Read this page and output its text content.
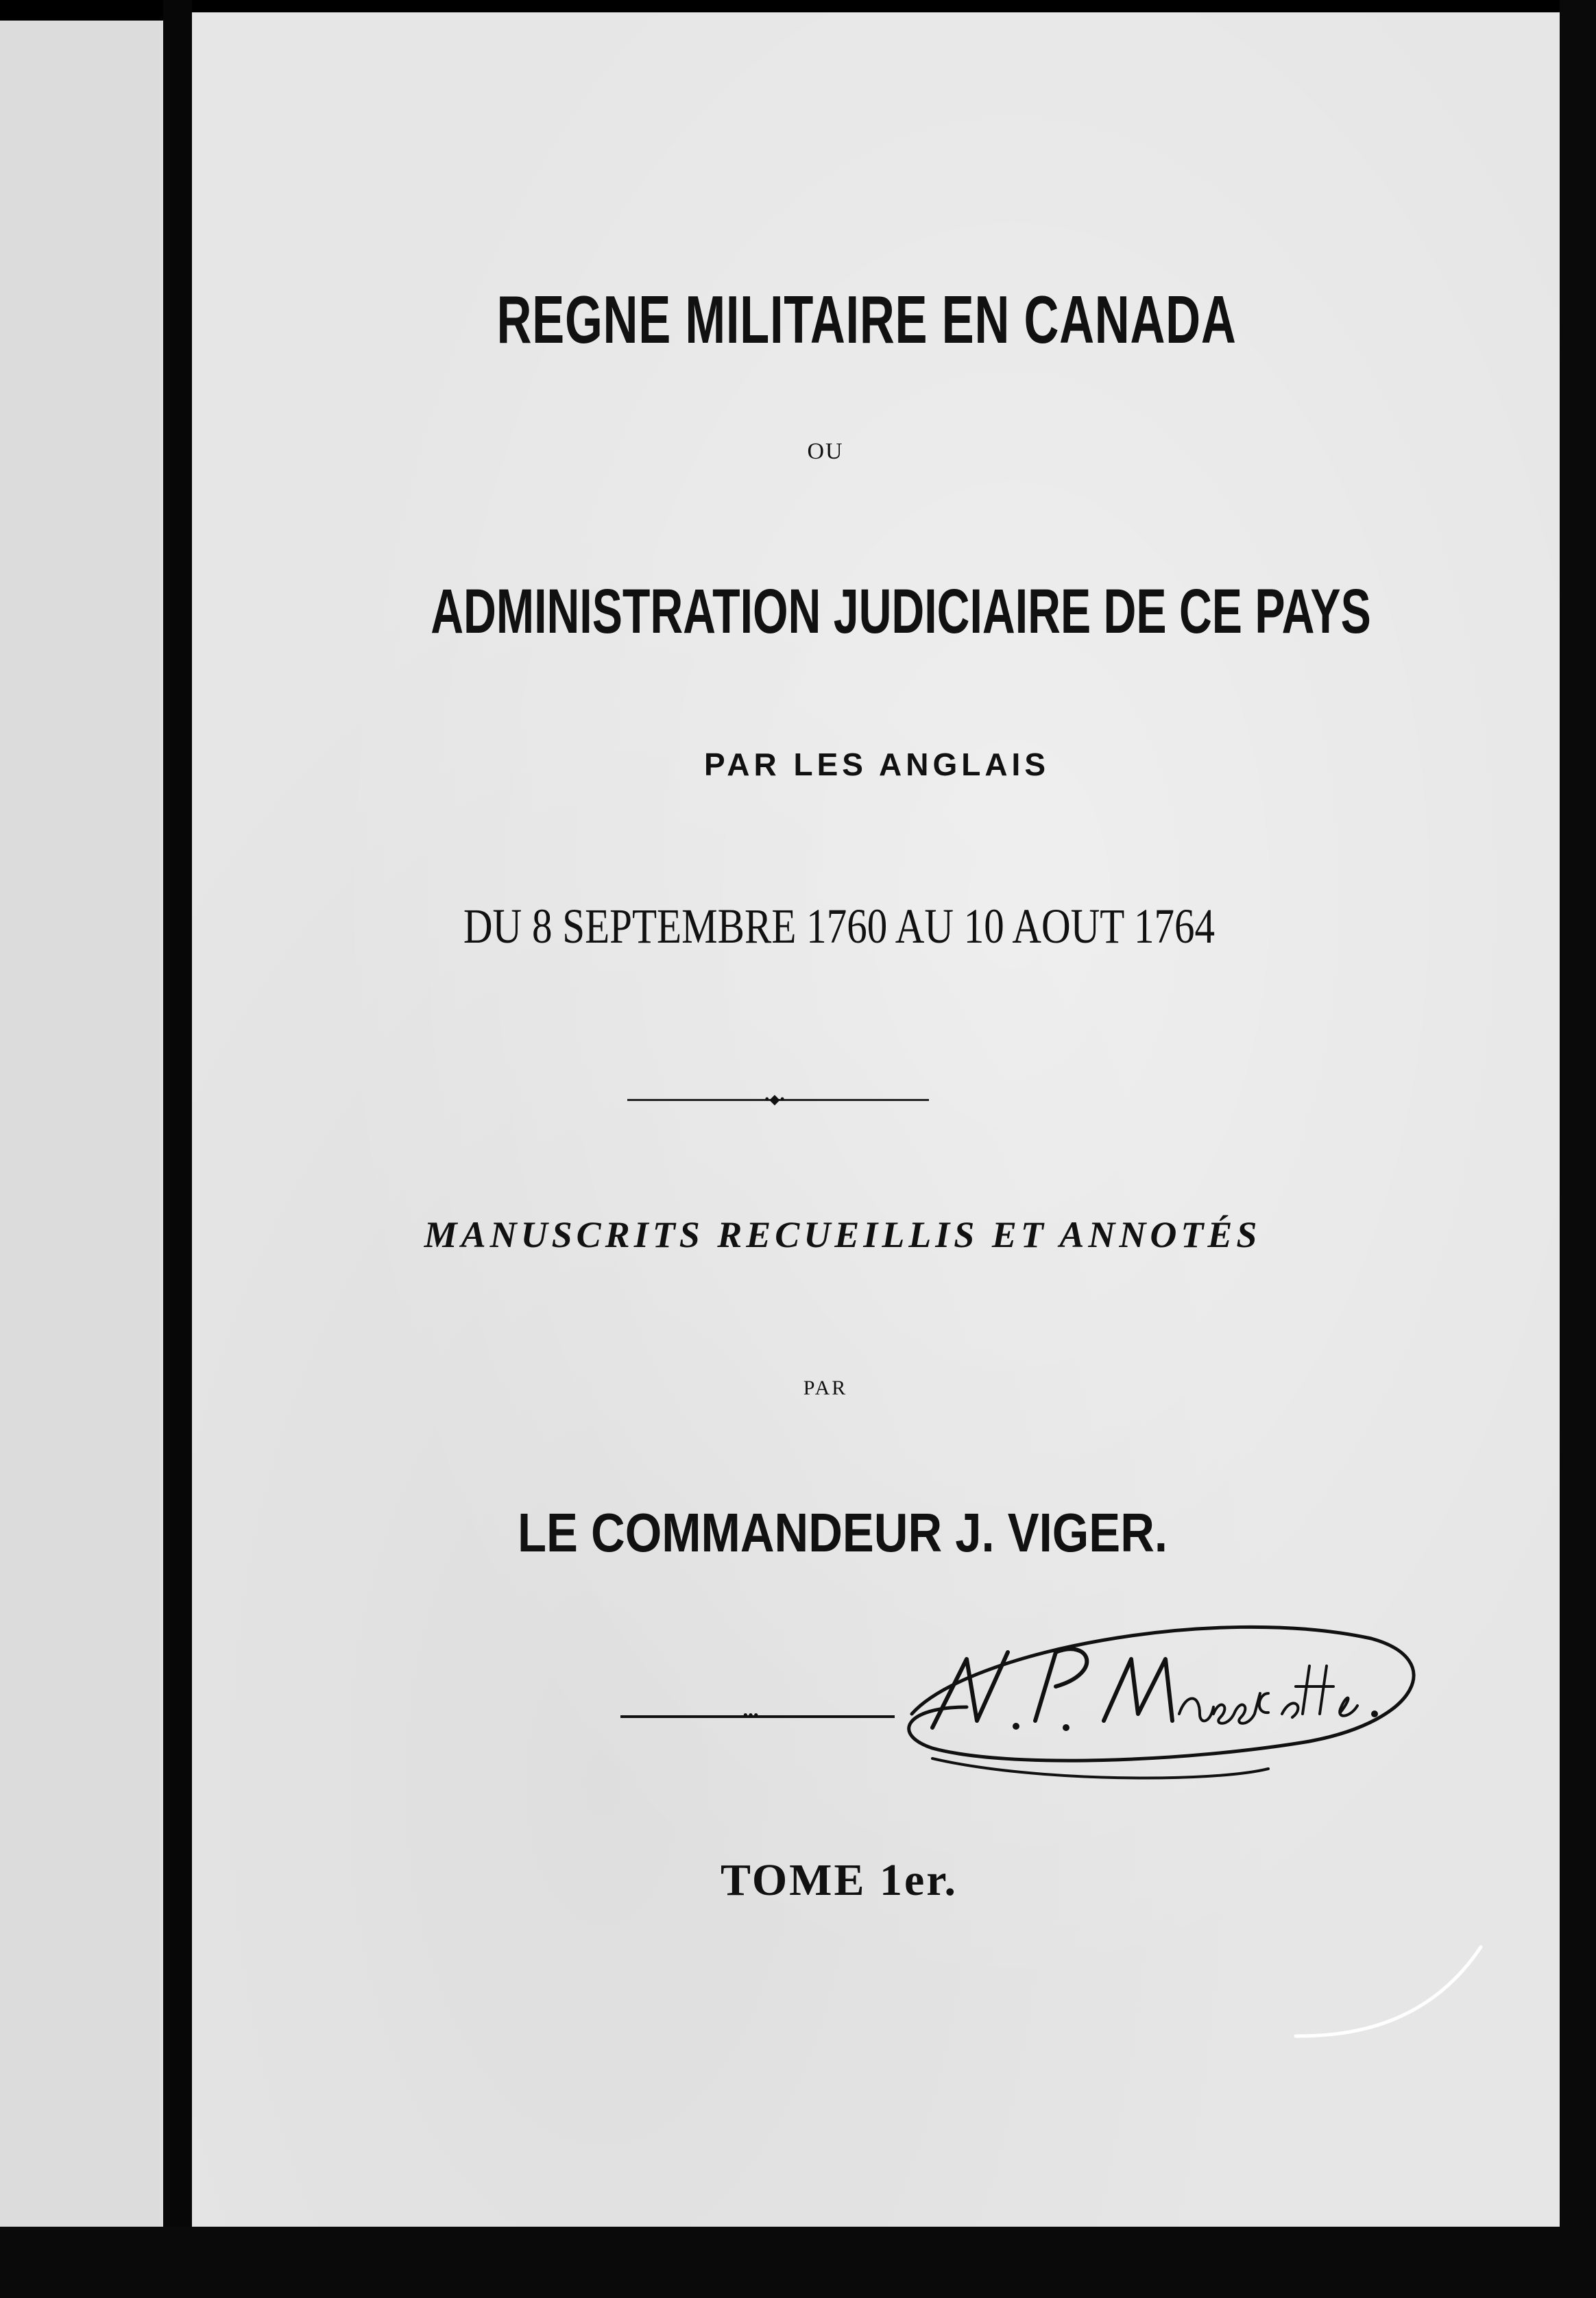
REGNE MILITAIRE EN CANADA
OU
ADMINISTRATION JUDICIAIRE DE CE PAYS
PAR LES ANGLAIS
DU 8 SEPTEMBRE 1760 AU 10 AOUT 1764
•◆•
MANUSCRITS RECUEILLIS ET ANNOTÉS
PAR
LE COMMANDEUR J. VIGER.
•••
TOME 1er.
